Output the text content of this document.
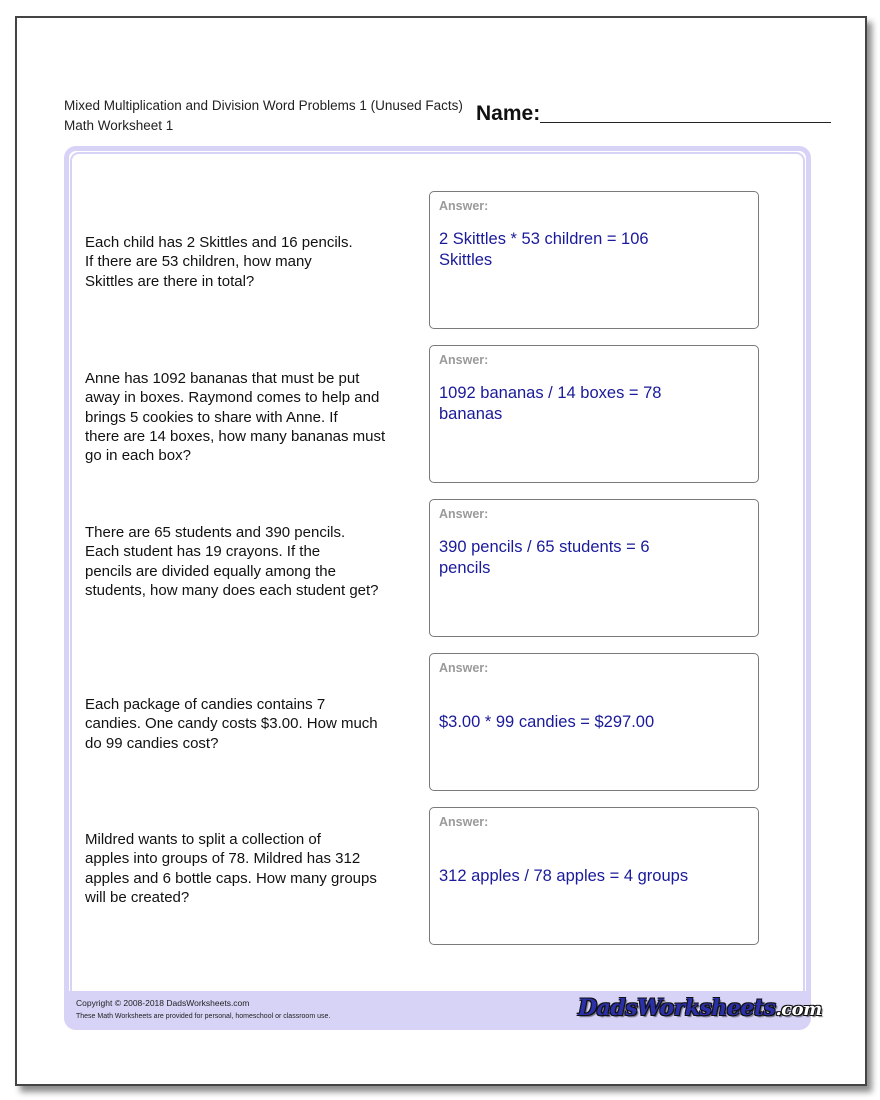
Mixed Multiplication and Division Word Problems 1 (Unused Facts)
Math Worksheet 1
Name:
Each child has 2 Skittles and 16 pencils.
If there are 53 children, how many
Skittles are there in total?
Answer:
2 Skittles * 53 children = 106
Skittles
Anne has 1092 bananas that must be put
away in boxes. Raymond comes to help and
brings 5 cookies to share with Anne. If
there are 14 boxes, how many bananas must
go in each box?
Answer:
1092 bananas / 14 boxes = 78
bananas
There are 65 students and 390 pencils.
Each student has 19 crayons. If the
pencils are divided equally among the
students, how many does each student get?
Answer:
390 pencils / 65 students = 6
pencils
Each package of candies contains 7
candies. One candy costs $3.00. How much
do 99 candies cost?
Answer:
$3.00 * 99 candies = $297.00
Mildred wants to split a collection of
apples into groups of 78. Mildred has 312
apples and 6 bottle caps. How many groups
will be created?
Answer:
312 apples / 78 apples = 4 groups
Copyright © 2008-2018 DadsWorksheets.com
These Math Worksheets are provided for personal, homeschool or classroom use.	DadsWorksheets.com
